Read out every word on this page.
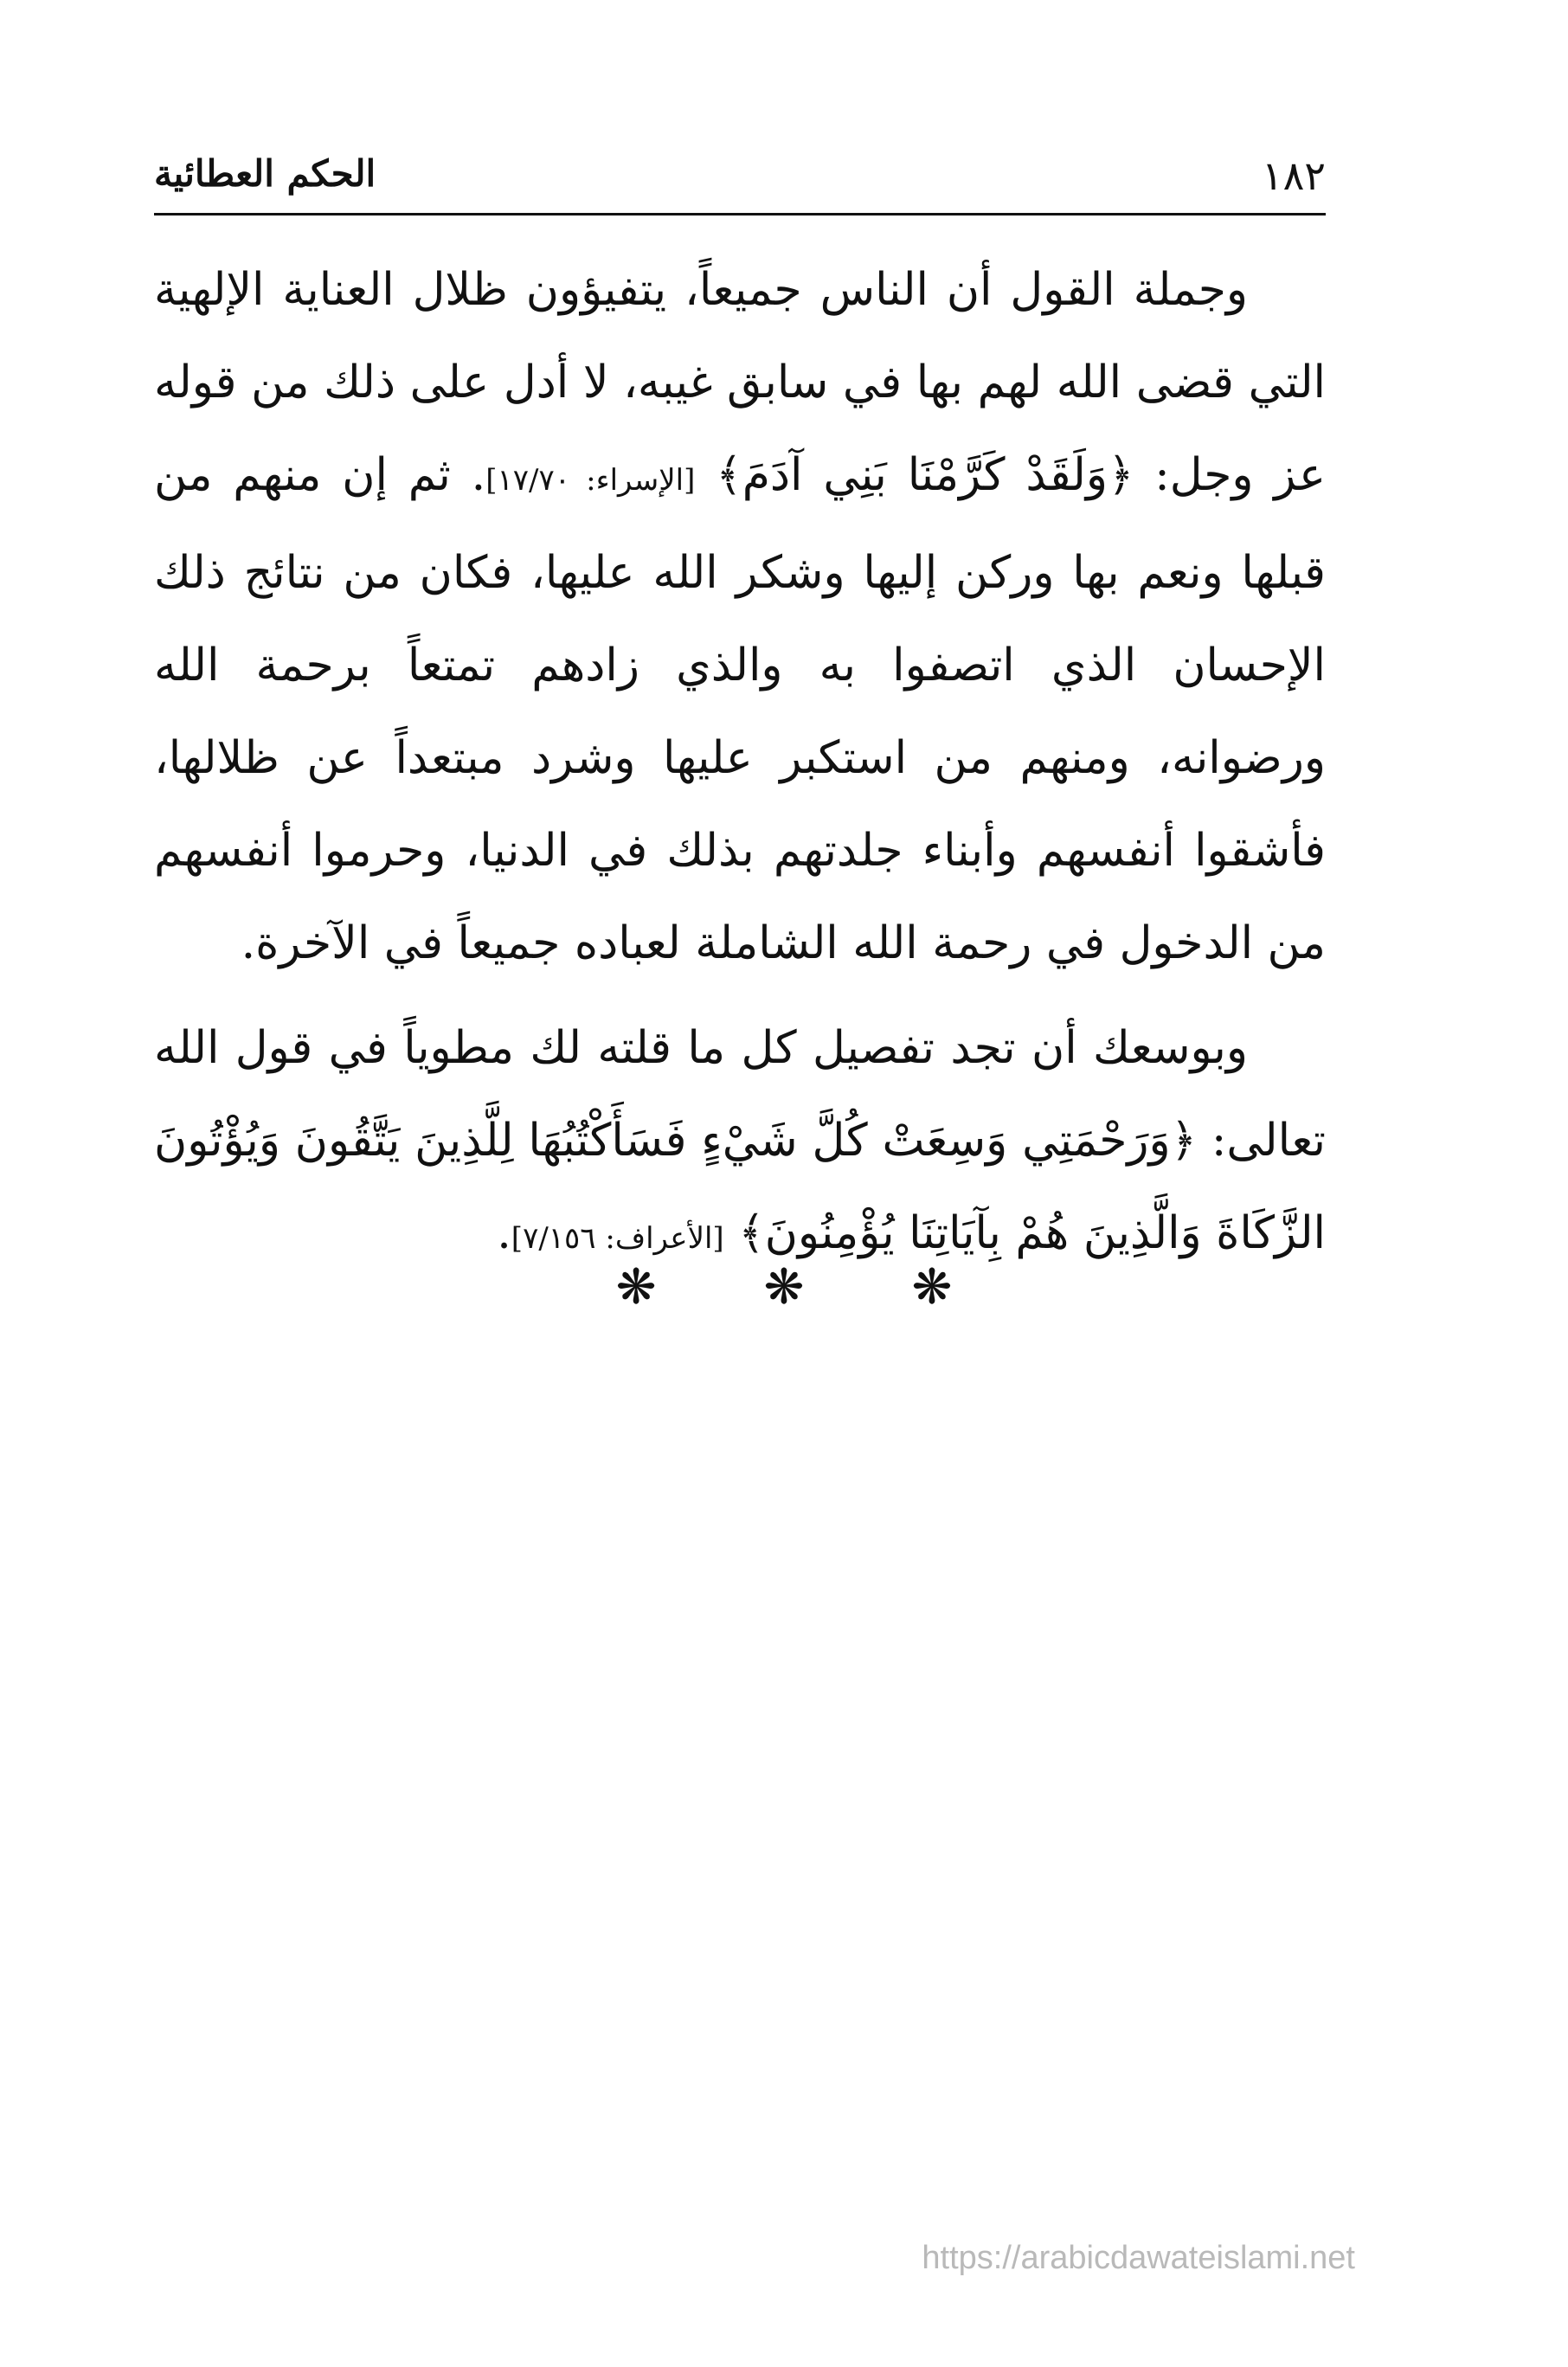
١٨٢
الحكم العطائية

وجملة القول أن الناس جميعاً، يتفيؤون ظلال العناية الإلهية التي قضى الله لهم بها في سابق غيبه، لا أدل على ذلك من قوله عز وجل: ﴿وَلَقَدْ كَرَّمْنَا بَنِي آدَمَ﴾ [الإسراء: ١٧/٧٠]. ثم إن منهم من قبلها ونعم بها وركن إليها وشكر الله عليها، فكان من نتائج ذلك الإحسان الذي اتصفوا به والذي زادهم تمتعاً برحمة الله ورضوانه، ومنهم من استكبر عليها وشرد مبتعداً عن ظلالها، فأشقوا أنفسهم وأبناء جلدتهم بذلك في الدنيا، وحرموا أنفسهم من الدخول في رحمة الله الشاملة لعباده جميعاً في الآخرة.

وبوسعك أن تجد تفصيل كل ما قلته لك مطوياً في قول الله تعالى: ﴿وَرَحْمَتِي وَسِعَتْ كُلَّ شَيْءٍ فَسَأَكْتُبُهَا لِلَّذِينَ يَتَّقُونَ وَيُؤْتُونَ الزَّكَاةَ وَالَّذِينَ هُمْ بِآيَاتِنَا يُؤْمِنُونَ﴾ [الأعراف: ٧/١٥٦].

❋ ❋ ❋
https://arabicdawateislami.net
